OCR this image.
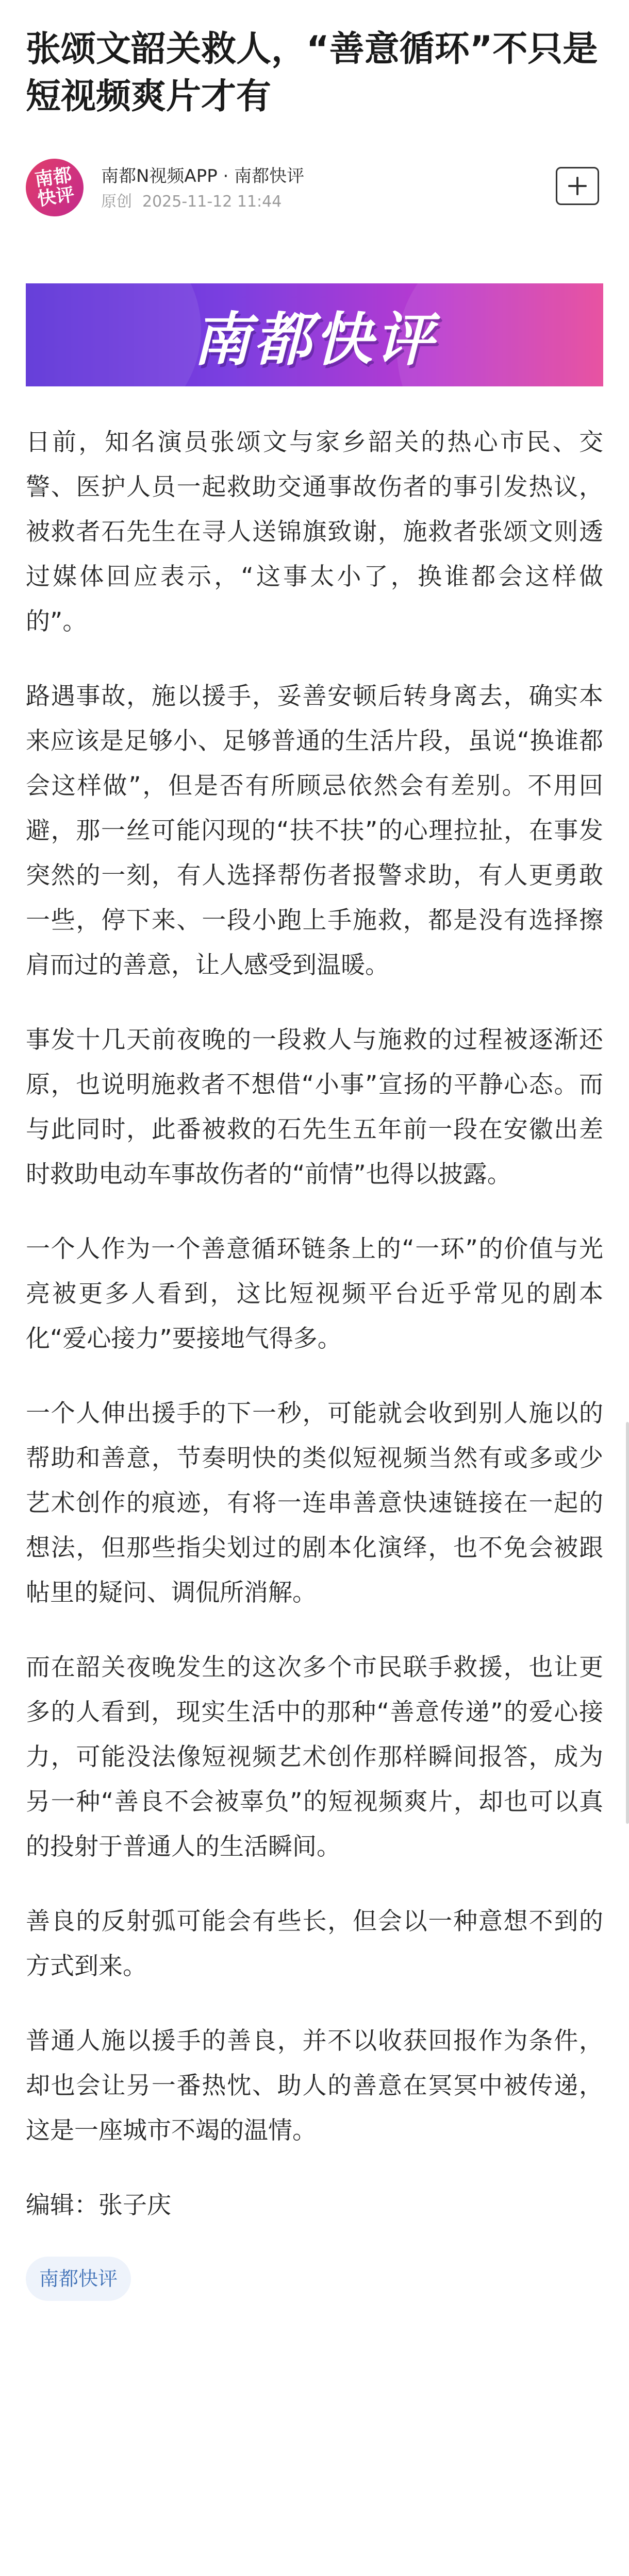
张颂文韶关救人，“善意循环”不只是短视频爽片才有
南都
快评
南都N视频APP · 南都快评
原创 2025-11-12 11:44
南都快评

日前，知名演员张颂文与家乡韶关的热心市民、交警、医护人员一起救助交通事故伤者的事引发热议，被救者石先生在寻人送锦旗致谢，施救者张颂文则透过媒体回应表示，“这事太小了，换谁都会这样做的”。

路遇事故，施以援手，妥善安顿后转身离去，确实本来应该是足够小、足够普通的生活片段，虽说“换谁都会这样做”，但是否有所顾忌依然会有差别。不用回避，那一丝可能闪现的“扶不扶”的心理拉扯，在事发突然的一刻，有人选择帮伤者报警求助，有人更勇敢一些，停下来、一段小跑上手施救，都是没有选择擦肩而过的善意，让人感受到温暖。

事发十几天前夜晚的一段救人与施救的过程被逐渐还原，也说明施救者不想借“小事”宣扬的平静心态。而与此同时，此番被救的石先生五年前一段在安徽出差时救助电动车事故伤者的“前情”也得以披露。

一个人作为一个善意循环链条上的“一环”的价值与光亮被更多人看到，这比短视频平台近乎常见的剧本化“爱心接力”要接地气得多。

一个人伸出援手的下一秒，可能就会收到别人施以的帮助和善意，节奏明快的类似短视频当然有或多或少艺术创作的痕迹，有将一连串善意快速链接在一起的想法，但那些指尖划过的剧本化演绎，也不免会被跟帖里的疑问、调侃所消解。

而在韶关夜晚发生的这次多个市民联手救援，也让更多的人看到，现实生活中的那种“善意传递”的爱心接力，可能没法像短视频艺术创作那样瞬间报答，成为另一种“善良不会被辜负”的短视频爽片，却也可以真的投射于普通人的生活瞬间。

善良的反射弧可能会有些长，但会以一种意想不到的方式到来。

普通人施以援手的善良，并不以收获回报作为条件，却也会让另一番热忱、助人的善意在冥冥中被传递，这是一座城市不竭的温情。

编辑：张子庆

南都快评
